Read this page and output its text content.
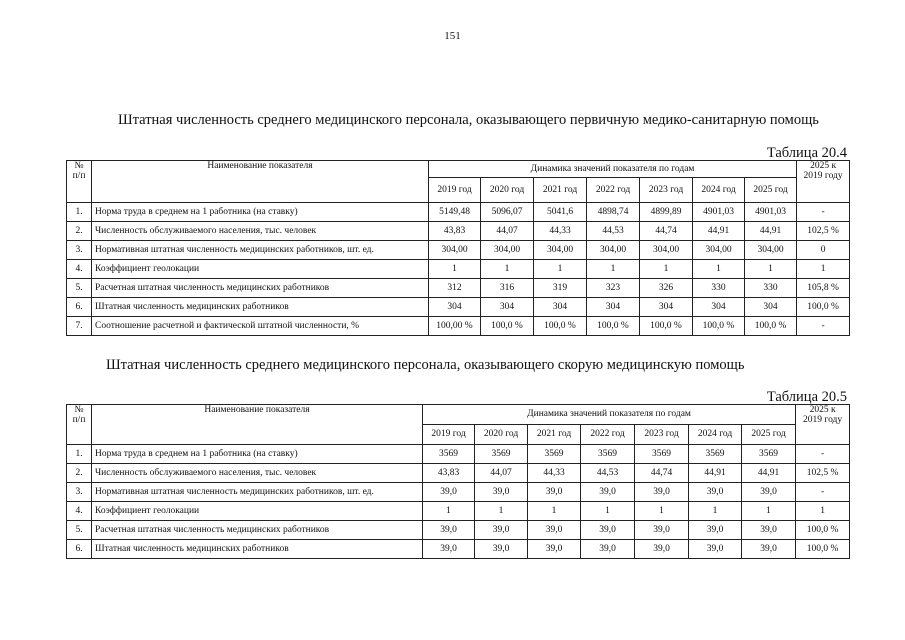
151
Штатная численность среднего медицинского персонала, оказывающего первичную медико-санитарную помощь
Таблица 20.4
№ п/п	Наименование показателя	Динамика значений показателя по годам							2025 к 2019 году
		2019 год	2020 год	2021 год	2022 год	2023 год	2024 год	2025 год	
1.	Норма труда в среднем на 1 работника (на ставку)	5149,48	5096,07	5041,6	4898,74	4899,89	4901,03	4901,03	-
2.	Численность обслуживаемого населения, тыс. человек	43,83	44,07	44,33	44,53	44,74	44,91	44,91	102,5 %
3.	Нормативная штатная численность медицинских работников, шт. ед.	304,00	304,00	304,00	304,00	304,00	304,00	304,00	0
4.	Коэффициент геолокации	1	1	1	1	1	1	1	1
5.	Расчетная штатная численность медицинских работников	312	316	319	323	326	330	330	105,8 %
6.	Штатная численность медицинских работников	304	304	304	304	304	304	304	100,0 %
7.	Соотношение расчетной и фактической штатной численности, %	100,00 %	100,0 %	100,0 %	100,0 %	100,0 %	100,0 %	100,0 %	-
Штатная численность среднего медицинского персонала, оказывающего скорую медицинскую помощь
Таблица 20.5
№ п/п	Наименование показателя	Динамика значений показателя по годам							2025 к 2019 году
		2019 год	2020 год	2021 год	2022 год	2023 год	2024 год	2025 год	
1.	Норма труда в среднем на 1 работника (на ставку)	3569	3569	3569	3569	3569	3569	3569	-
2.	Численность обслуживаемого населения, тыс. человек	43,83	44,07	44,33	44,53	44,74	44,91	44,91	102,5 %
3.	Нормативная штатная численность медицинских работников, шт. ед.	39,0	39,0	39,0	39,0	39,0	39,0	39,0	-
4.	Коэффициент геолокации	1	1	1	1	1	1	1	1
5.	Расчетная штатная численность медицинских работников	39,0	39,0	39,0	39,0	39,0	39,0	39,0	100,0 %
6.	Штатная численность медицинских работников	39,0	39,0	39,0	39,0	39,0	39,0	39,0	100,0 %
